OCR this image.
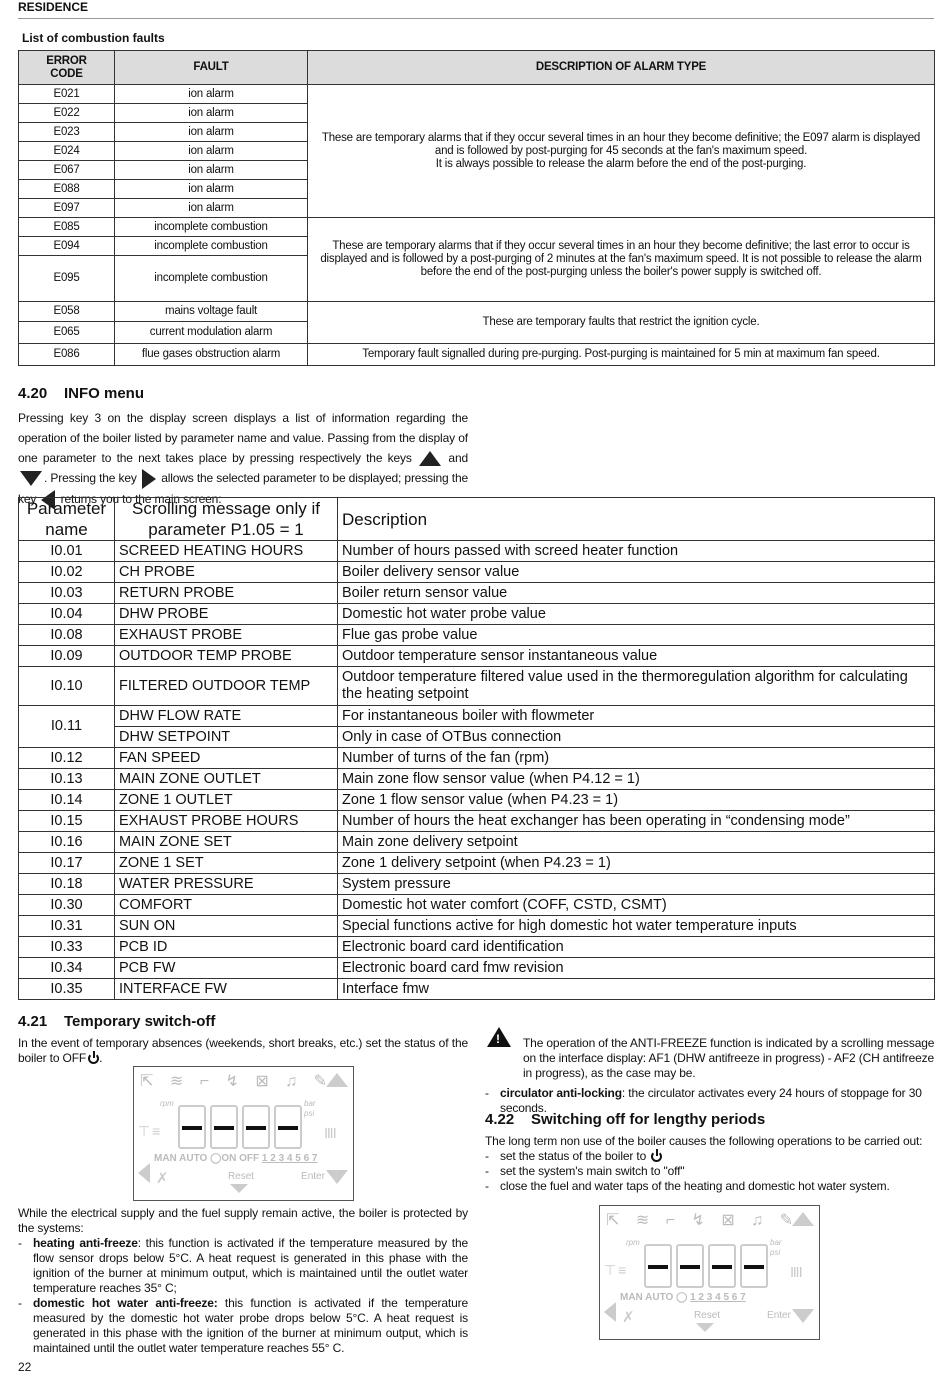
RESIDENCE
List of combustion faults
ERROR CODE	FAULT	DESCRIPTION OF ALARM TYPE
E021	ion alarm	These are temporary alarms that if they occur several times in an hour they become definitive; the E097 alarm is displayed and is followed by post-purging for 45 seconds at the fan's maximum speed.
It is always possible to release the alarm before the end of the post-purging.
E022	ion alarm	
E023	ion alarm	
E024	ion alarm	
E067	ion alarm	
E088	ion alarm	
E097	ion alarm	
E085	incomplete combustion	These are temporary alarms that if they occur several times in an hour they become definitive; the last error to occur is displayed and is followed by a post-purging of 2 minutes at the fan's maximum speed. It is not possible to release the alarm before the end of the post-purging unless the boiler's power supply is switched off.
E094	incomplete combustion	
E095	incomplete combustion	
E058	mains voltage fault	These are temporary faults that restrict the ignition cycle.
E065	current modulation alarm	
E086	flue gases obstruction alarm	Temporary fault signalled during pre-purging. Post-purging is maintained for 5 min at maximum fan speed.
4.20 INFO menu
Pressing key 3 on the display screen displays a list of information regarding the operation of the boiler listed by parameter name and value. Passing from the display of one parameter to the next takes place by pressing respectively the keys	and . Pressing the key allows the selected parameter to be displayed; pressing the key returns you to the main screen:
Parameter name	Scrolling message only if parameter P1.05 = 1	Description
I0.01	SCREED HEATING HOURS	Number of hours passed with screed heater function
I0.02	CH PROBE	Boiler delivery sensor value
I0.03	RETURN PROBE	Boiler return sensor value
I0.04	DHW PROBE	Domestic hot water probe value
I0.08	EXHAUST PROBE	Flue gas probe value
I0.09	OUTDOOR TEMP PROBE	Outdoor temperature sensor instantaneous value
I0.10	FILTERED OUTDOOR TEMP	Outdoor temperature filtered value used in the thermoregulation algorithm for calculating the heating setpoint
I0.11	DHW FLOW RATE	For instantaneous boiler with flowmeter
	DHW SETPOINT	Only in case of OTBus connection
I0.12	FAN SPEED	Number of turns of the fan (rpm)
I0.13	MAIN ZONE OUTLET	Main zone flow sensor value (when P4.12 = 1)
I0.14	ZONE 1 OUTLET	Zone 1 flow sensor value (when P4.23 = 1)
I0.15	EXHAUST PROBE HOURS	Number of hours the heat exchanger has been operating in “condensing mode”
I0.16	MAIN ZONE SET	Main zone delivery setpoint
I0.17	ZONE 1 SET	Zone 1 delivery setpoint (when P4.23 = 1)
I0.18	WATER PRESSURE	System pressure
I0.30	COMFORT	Domestic hot water comfort (COFF, CSTD, CSMT)
I0.31	SUN ON	Special functions active for high domestic hot water temperature inputs
I0.33	PCB ID	Electronic board card identification
I0.34	PCB FW	Electronic board card fmw revision
I0.35	INTERFACE FW	Interface fmw
4.21 Temporary switch-off
In the event of temporary absences (weekends, short breaks, etc.) set the status of the boiler to OFF .
⇱ ≋ ⌐ ↯ ⊠ ♫ ✎
rpm	bar
psi
⊤ ≡	ⅢⅠ
MAN AUTO ◯ON OFF 1 2 3 4 5 6 7
✗	Reset	Enter
While the electrical supply and the fuel supply remain active, the boiler is protected by the systems:
- heating anti-freeze: this function is activated if the temperature measured by the flow sensor drops below 5°C. A heat request is generated in this phase with the ignition of the burner at minimum output, which is maintained until the outlet water temperature reaches 35° C;
- domestic hot water anti-freeze: this function is activated if the temperature measured by the domestic hot water probe drops below 5°C. A heat request is generated in this phase with the ignition of the burner at minimum output, which is maintained until the outlet water temperature reaches 55° C.
!
The operation of the ANTI-FREEZE function is indicated by a scrolling message on the interface display: AF1 (DHW antifreeze in progress) - AF2 (CH antifreeze in progress), as the case may be.
- circulator anti-locking: the circulator activates every 24 hours of stoppage for 30 seconds.
4.22 Switching off for lengthy periods
The long term non use of the boiler causes the following operations to be carried out:
- set the status of the boiler to
- set the system's main switch to "off"
- close the fuel and water taps of the heating and domestic hot water system.
⇱ ≋ ⌐ ↯ ⊠ ♫ ✎
rpm	bar
psi
⊤ ≡	ⅢⅠ
MAN AUTO ◯ 1 2 3 4 5 6 7
✗	Reset	Enter
22
